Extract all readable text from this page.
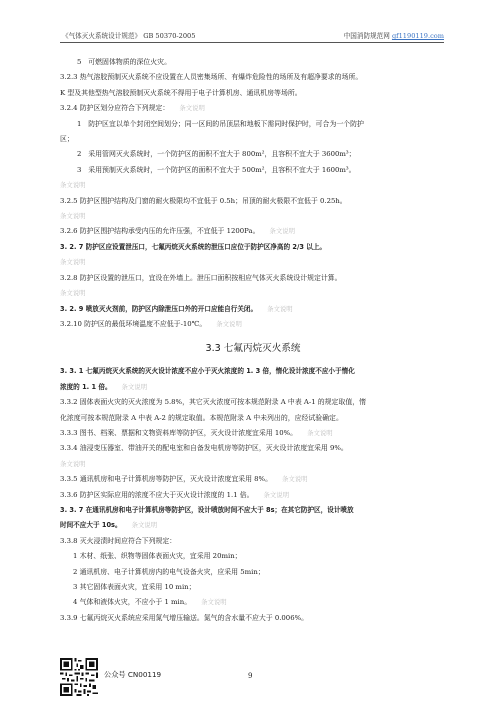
《气体灭火系统设计规范》 GB 50370-2005	中国消防规范网 gf1190119.com

5　可燃固体物质的深位火灾。

3.2.3 热气溶胶预制灭火系统不应设置在人员密集场所、有爆炸危险性的场所及有超净要求的场所。

K 型及其他型热气溶胶预制灭火系统不得用于电子计算机房、通讯机房等场所。

3.2.4 防护区划分应符合下列规定： 条文说明

1　防护区宜以单个封闭空间划分；同一区间的吊顶层和地板下需同时保护时，可合为一个防护

区；

2　采用管网灭火系统时，一个防护区的面积不宜大于 800m²，且容积不宜大于 3600m³；

3　采用预制灭火系统时，一个防护区的面积不宜大于 500m²，且容积不宜大于 1600m³。

条文说明

3.2.5 防护区围护结构及门窗的耐火极限均不宜低于 0.5h；吊顶的耐火极限不宜低于 0.25h。

条文说明

3.2.6 防护区围护结构承受内压的允许压强，不宜低于 1200Pa。 条文说明

3. 2. 7 防护区应设置泄压口，七氟丙烷灭火系统的泄压口应位于防护区净高的 2/3 以上。

条文说明

3.2.8 防护区设置的泄压口，宜设在外墙上。泄压口面积按相应气体灭火系统设计规定计算。

条文说明

3. 2. 9 喷放灭火剂前，防护区内除泄压口外的开口应能自行关闭。 条文说明

3.2.10 防护区的最低环境温度不应低于-10℃。 条文说明

3.3 七氟丙烷灭火系统

3. 3. 1 七氟丙烷灭火系统的灭火设计浓度不应小于灭火浓度的 1. 3 倍，惰化设计浓度不应小于惰化

浓度的 1. 1 倍。 条文说明

3.3.2 固体表面火灾的灭火浓度为 5.8%，其它灭火浓度可按本规范附录 A 中表 A-1 的规定取值，惰

化浓度可按本规范附录 A 中表 A-2 的规定取值。本规范附录 A 中未列出的，应经试验确定。

3.3.3 图书、档案、票据和文物资料库等防护区，灭火设计浓度宜采用 10%。 条文说明

3.3.4 油浸变压器室、带油开关的配电室和自备发电机房等防护区，灭火设计浓度宜采用 9%。

条文说明

3.3.5 通讯机房和电子计算机房等防护区，灭火设计浓度宜采用 8%。 条文说明

3.3.6 防护区实际应用的浓度不应大于灭火设计浓度的 1.1 倍。 条文说明

3. 3. 7 在通讯机房和电子计算机房等防护区，设计喷放时间不应大于 8s；在其它防护区，设计喷放

时间不应大于 10s。 条文说明

3.3.8 灭火浸渍时间应符合下列规定：

1 木材、纸张、织物等固体表面火灾，宜采用 20min；

2 通讯机房、电子计算机房内的电气设备火灾，应采用 5min；

3 其它固体表面火灾，宜采用 10 min；

4 气体和液体火灾，不应小于 1 min。 条文说明

3.3.9 七氟丙烷灭火系统应采用氮气增压输送。氮气的含水量不应大于 0.006%。

公众号 CN00119	9
